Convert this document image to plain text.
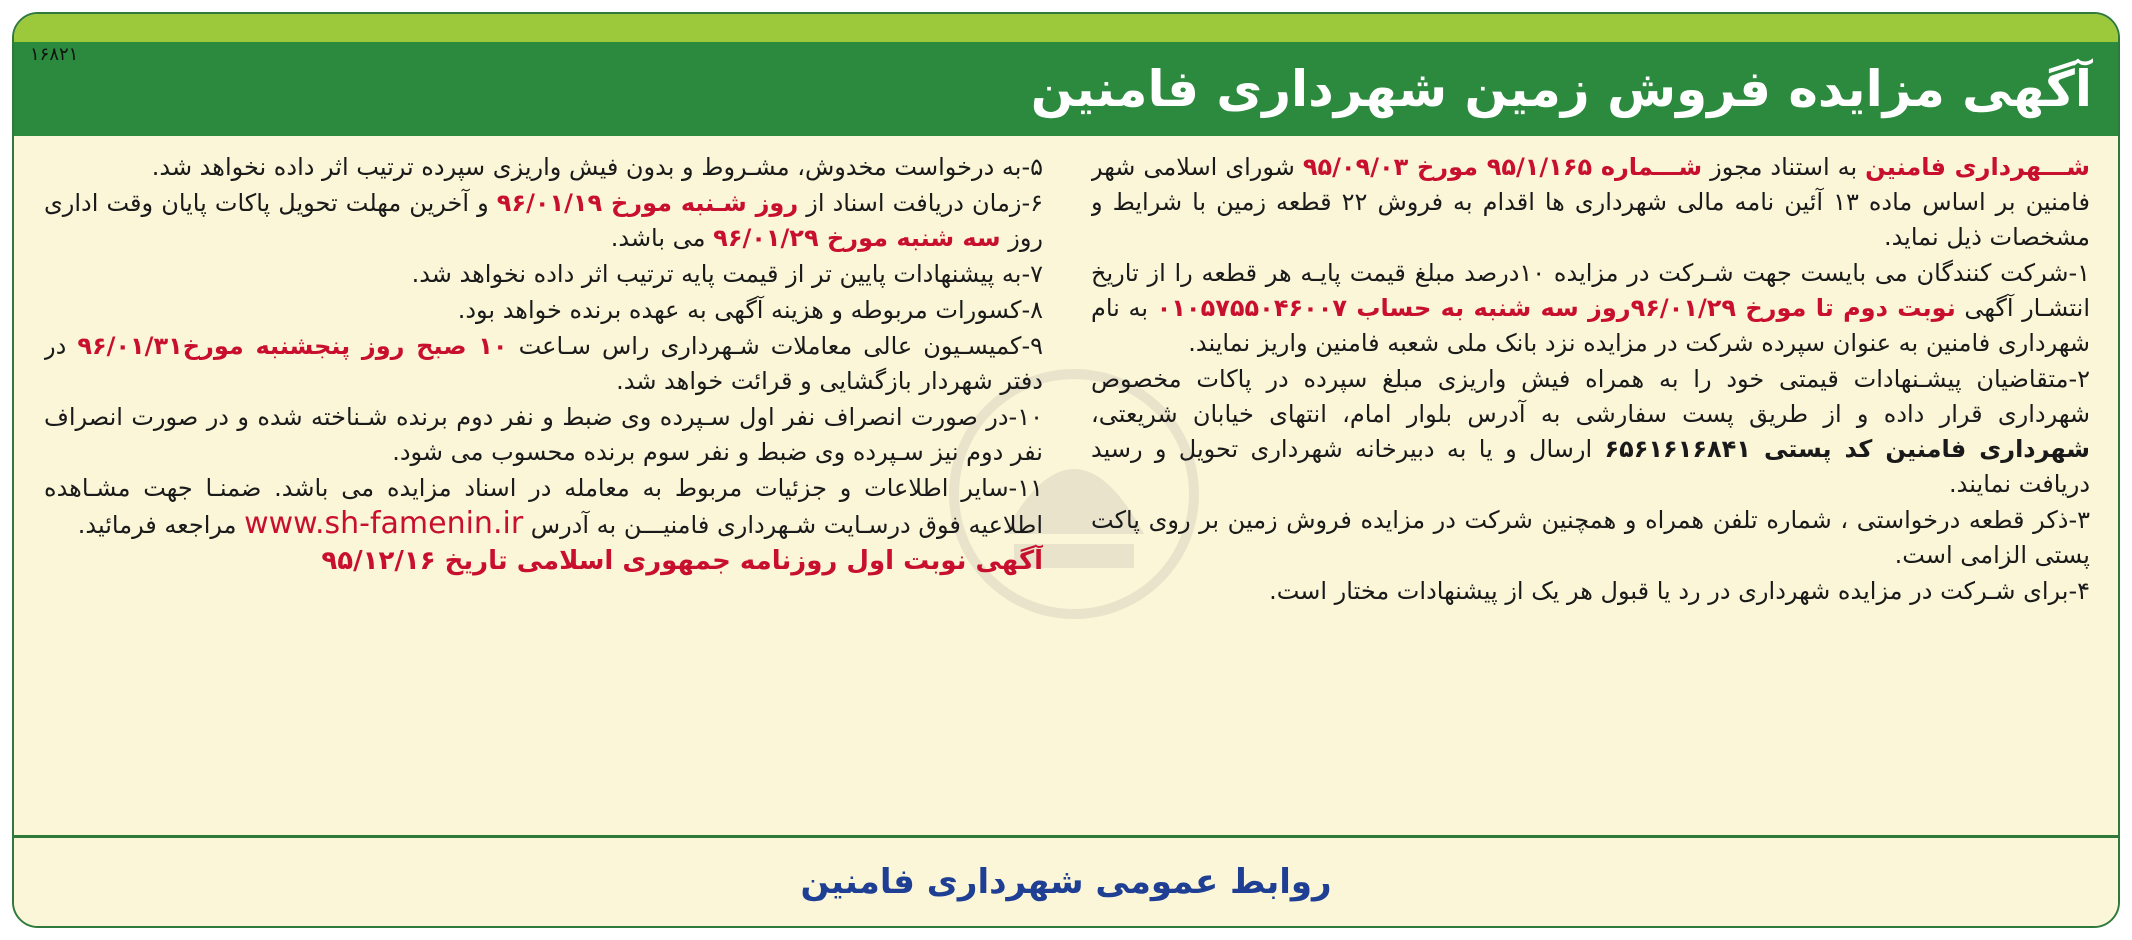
۱۶۸۲۱

آگهی مزایده فروش زمین شهرداری فامنین

شـــهرداری فامنین به استناد مجوز شـــماره ۹۵/۱/۱۶۵ مورخ ۹۵/۰۹/۰۳ شورای اسلامی شهر فامنین بر اساس ماده ۱۳ آئین نامه مالی شهرداری ها اقدام به فروش ۲۲ قطعه زمین با شرایط و مشخصات ذیل نماید.

۱-شرکت کنندگان می بایست جهت شـرکت در مزایده ۱۰درصد مبلغ قیمت پایـه هر قطعه را از تاریخ انتشـار آگهی نوبت دوم تا مورخ ۹۶/۰۱/۲۹روز سه شنبه به حساب ۰۱۰۵۷۵۵۰۴۶۰۰۷ به نام شهرداری فامنین به عنوان سپرده شرکت در مزایده نزد بانک ملی شعبه فامنین واریز نمایند.

۲-متقاضیان پیشـنهادات قیمتی خود را به همراه فیش واریزی مبلغ سپرده در پاکات مخصوص شهرداری قرار داده و از طریق پست سفارشی به آدرس بلوار امام، انتهای خیابان شریعتی، شهرداری فامنین کد پستی ۶۵۶۱۶۱۶۸۴۱ ارسال و یا به دبیرخانه شهرداری تحویل و رسید دریافت نمایند.

۳-ذکر قطعه درخواستی ، شماره تلفن همراه و همچنین شرکت در مزایده فروش زمین بر روی پاکت پستی الزامی است.

۴-برای شـرکت در مزایده شهرداری در رد یا قبول هر یک از پیشنهادات مختار است.

۵-به درخواست مخدوش، مشـروط و بدون فیش واریزی سپرده ترتیب اثر داده نخواهد شد.

۶-زمان دریافت اسناد از روز شـنبه مورخ ۹۶/۰۱/۱۹ و آخرین مهلت تحویل پاکات پایان وقت اداری روز سه شنبه مورخ ۹۶/۰۱/۲۹ می باشد.

۷-به پیشنهادات پایین تر از قیمت پایه ترتیب اثر داده نخواهد شد.

۸-کسورات مربوطه و هزینه آگهی به عهده برنده خواهد بود.

۹-کمیسـیون عالی معاملات شـهرداری راس سـاعت ۱۰ صبح روز پنجشنبه مورخ۹۶/۰۱/۳۱ در دفتر شهردار بازگشایی و قرائت خواهد شد.

۱۰-در صورت انصراف نفر اول سـپرده وی ضبط و نفر دوم برنده شـناخته شده و در صورت انصراف نفر دوم نیز سـپرده وی ضبط و نفر سوم برنده محسوب می شود.

۱۱-سایر اطلاعات و جزئیات مربوط به معامله در اسناد مزایده می باشد. ضمنـا جهت مشـاهده اطلاعیه فوق درسـایت شـهرداری فامنیـــن به آدرس www.sh-famenin.ir مراجعه فرمائید.

آگهی نوبت اول روزنامه جمهوری اسلامی تاریخ ۹۵/۱۲/۱۶

روابط عمومی شهرداری فامنین
